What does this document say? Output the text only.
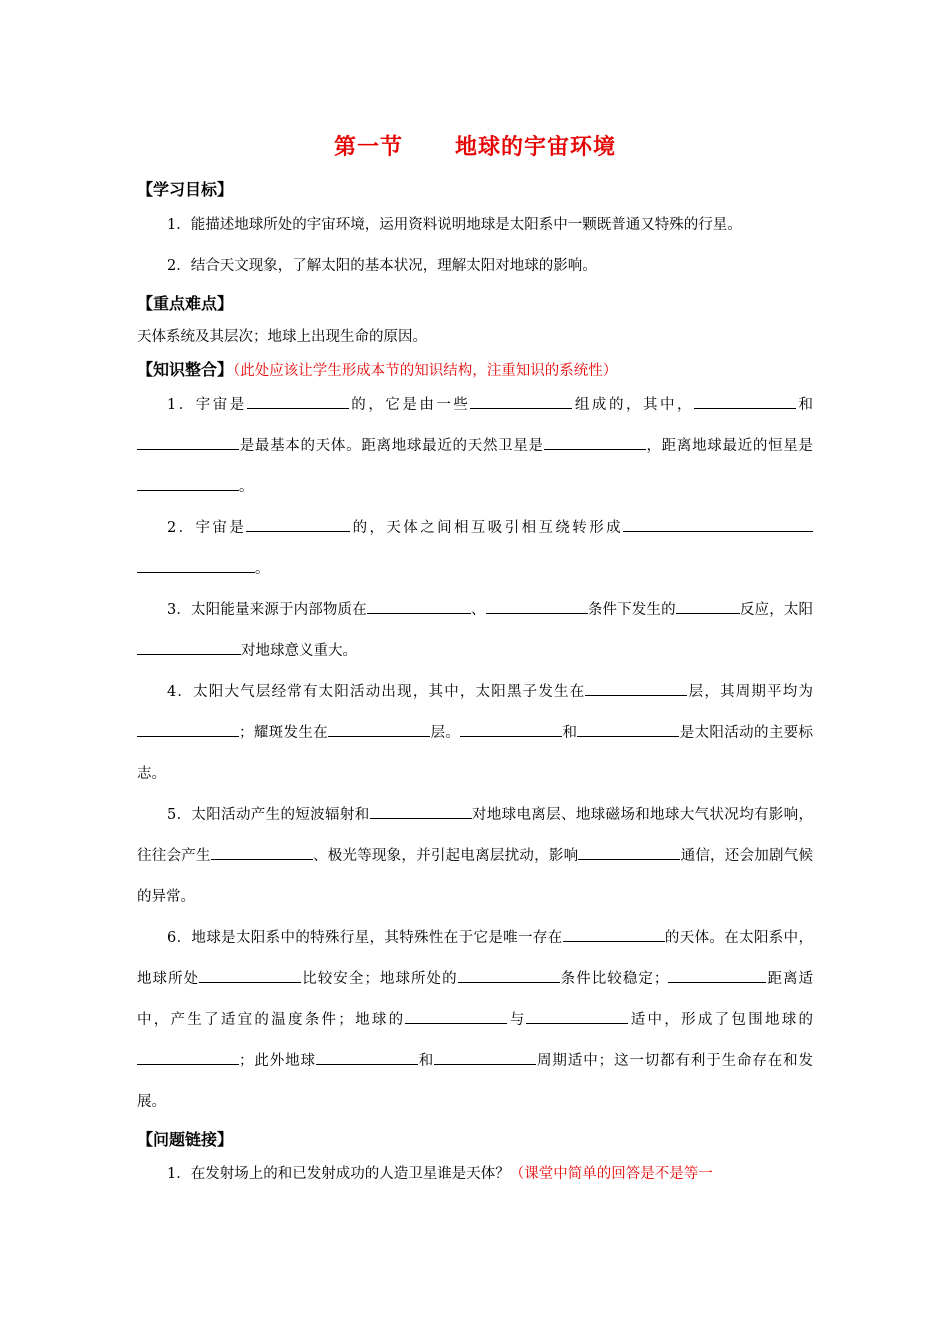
第一节 地球的宇宙环境
【学习目标】

1．能描述地球所处的宇宙环境，运用资料说明地球是太阳系中一颗既普通又特殊的行星。

2．结合天文现象，了解太阳的基本状况，理解太阳对地球的影响。

【重点难点】

天体系统及其层次；地球上出现生命的原因。

【知识整合】（此处应该让学生形成本节的知识结构，注重知识的系统性）

1．宇宙是	的，它是由一些	组成的，其中，	和是最基本的天体。距离地球最近的天然卫星是	，距离地球最近的恒星是。

2．宇宙是	的，天体之间相互吸引相互绕转形成。

3．太阳能量来源于内部物质在	、	条件下发生的	反应，太阳对地球意义重大。

4．太阳大气层经常有太阳活动出现，其中，太阳黑子发生在	层，其周期平均为；耀斑发生在	层。	和	是太阳活动的主要标志。

5．太阳活动产生的短波辐射和	对地球电离层、地球磁场和地球大气状况均有影响，往往会产生	、极光等现象，并引起电离层扰动，影响	通信，还会加剧气候的异常。

6．地球是太阳系中的特殊行星，其特殊性在于它是唯一存在	的天体。在太阳系中，地球所处	比较安全；地球所处的	条件比较稳定；	距离适中，产生了适宜的温度条件；地球的	与	适中，形成了包围地球的；此外地球	和	周期适中；这一切都有利于生命存在和发展。

【问题链接】

1．在发射场上的和已发射成功的人造卫星谁是天体？（课堂中简单的回答是不是等一
